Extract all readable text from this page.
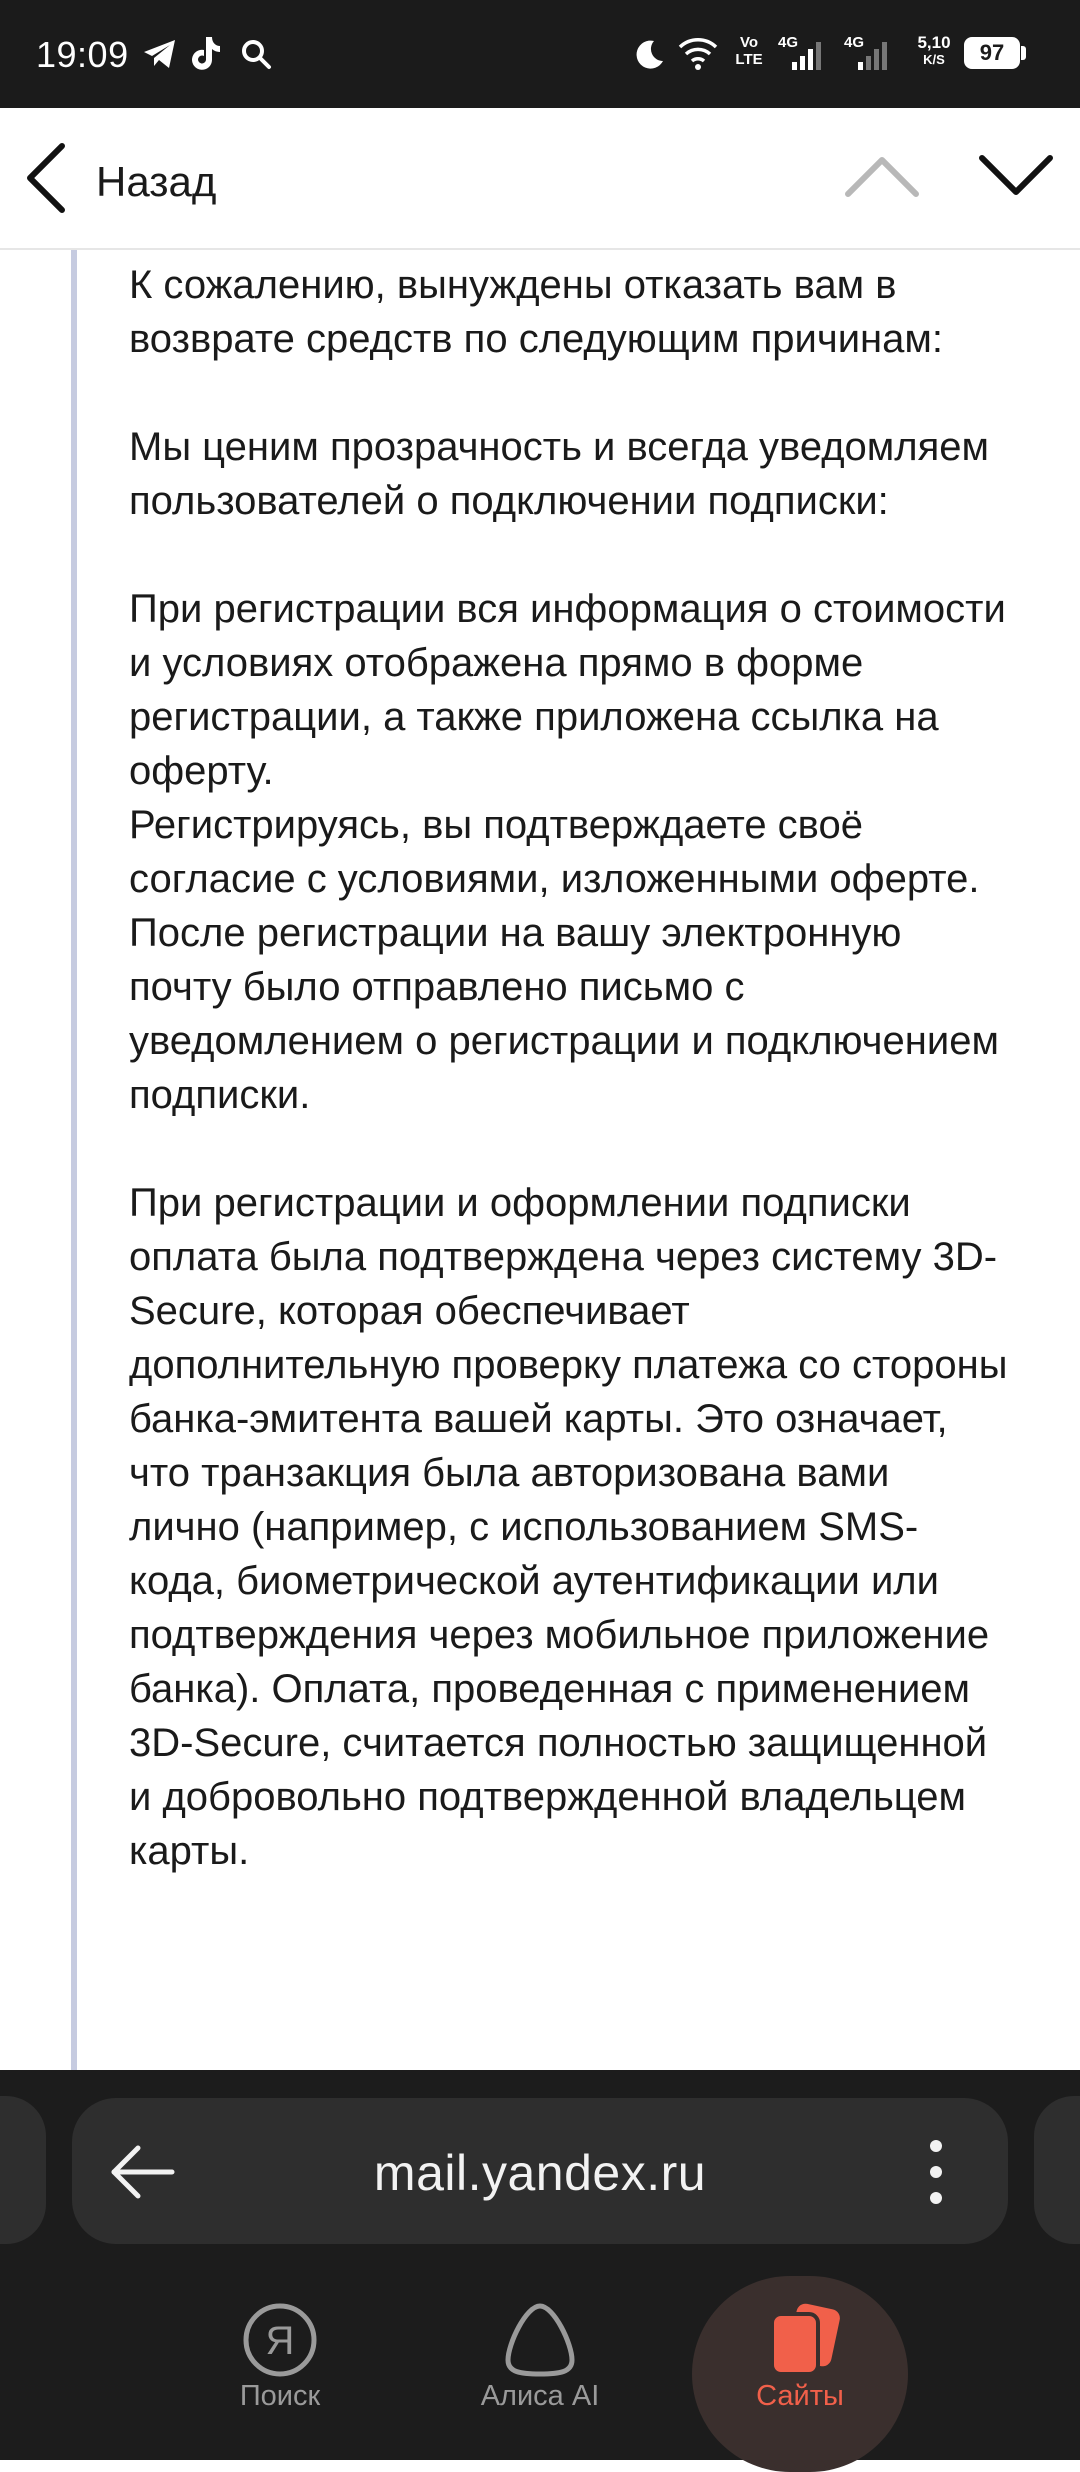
19:09	Vo
LTE
4G	4G	5,10
K/S	97
Назад

К сожалению, вынуждены отказать вам в возврате средств по следующим причинам:

Мы ценим прозрачность и всегда уведомляем пользователей о подключении подписки:

При регистрации вся информация о стоимости и условиях отображена прямо в форме регистрации, а также приложена ссылка на оферту.

Регистрируясь, вы подтверждаете своё согласие с условиями, изложенными оферте. После регистрации на вашу электронную почту было отправлено письмо с уведомлением о регистрации и подключением подписки.

При регистрации и оформлении подписки оплата была подтверждена через систему 3D-Secure, которая обеспечивает дополнительную проверку платежа со стороны банка-эмитента вашей карты. Это означает, что транзакция была авторизована вами лично (например, с использованием SMS-кода, биометрической аутентификации или подтверждения через мобильное приложение банка). Оплата, проведенная с применением 3D-Secure, считается полностью защищенной и добровольно подтвержденной владельцем карты.

mail.yandex.ru
Я
Поиск	Алиса AI	Сайты
